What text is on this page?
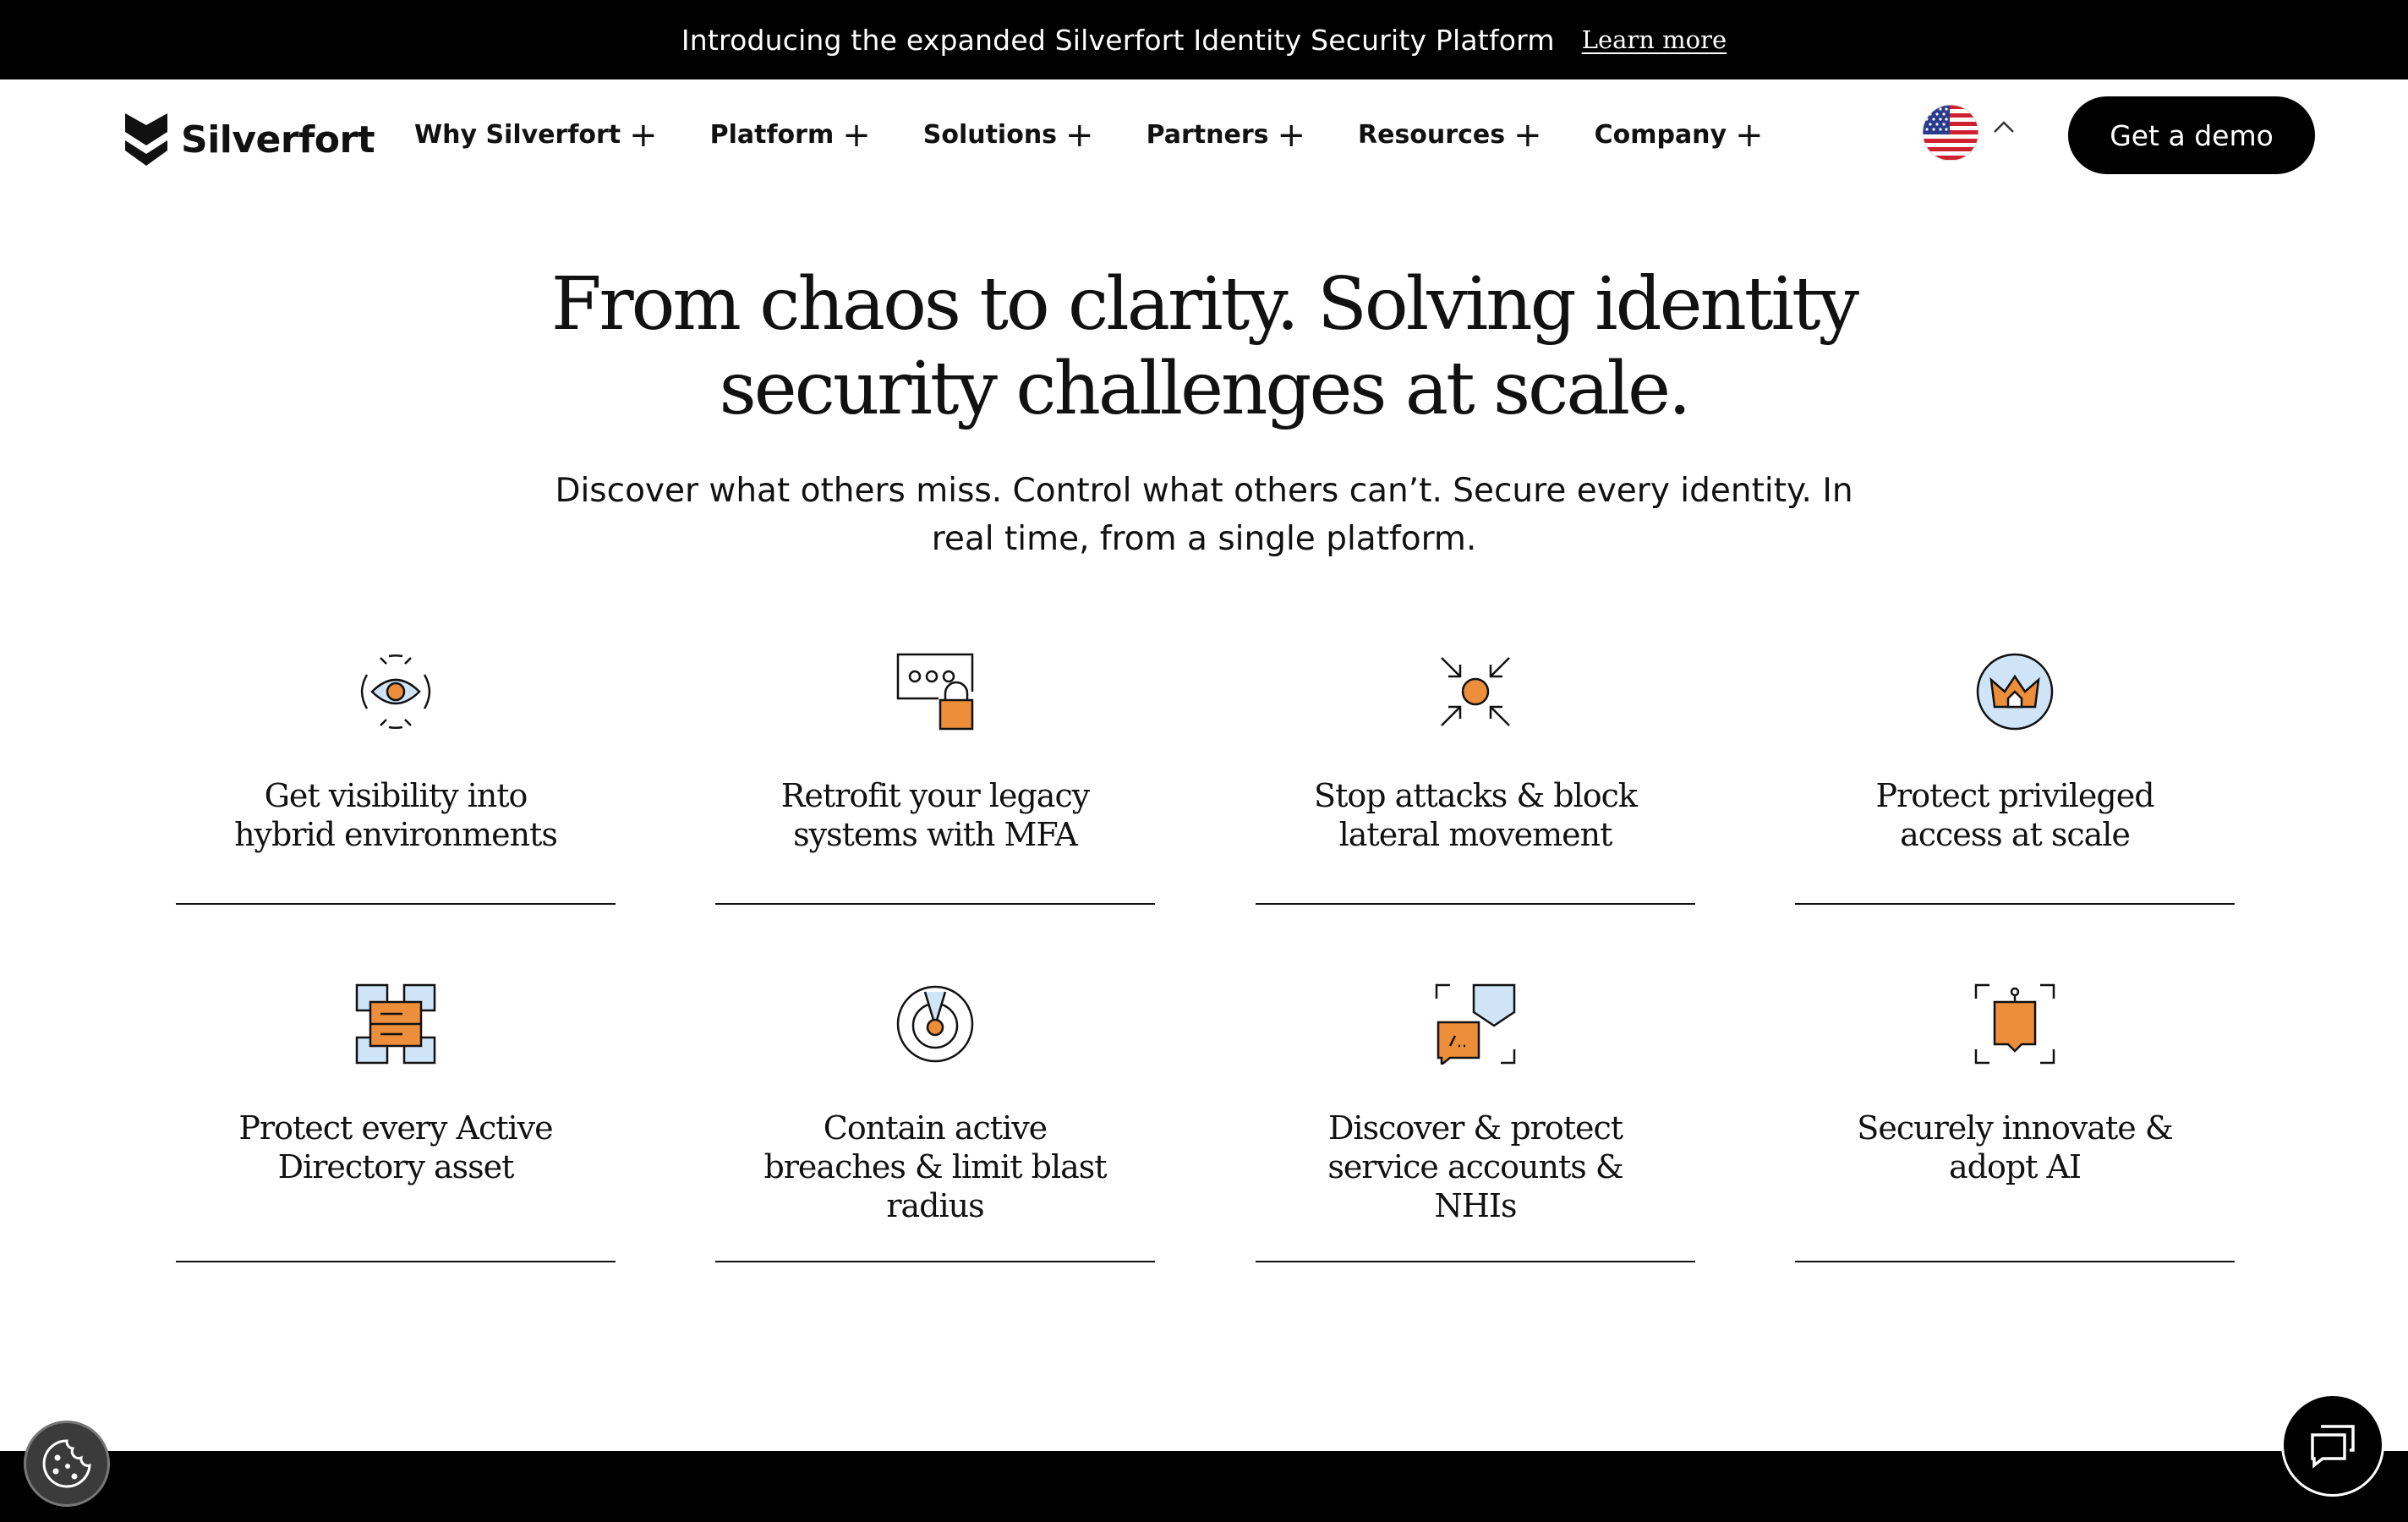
Introducing the expanded Silverfort Identity Security Platform Learn more
Silverfort Why Silverfort + Platform + Solutions + Partners + Resources + Company +	Get a demo
From chaos to clarity. Solving identity
security challenges at scale.

Discover what others miss. Control what others can’t. Secure every identity. In
real time, from a single platform.

Get visibility into
hybrid environments
Retrofit your legacy
systems with MFA
Stop attacks & block
lateral movement
Protect privileged
access at scale
Protect every Active
Directory asset
Contain active
breaches & limit blast
radius
Discover & protect
service accounts &
NHIs
Securely innovate &
adopt AI
